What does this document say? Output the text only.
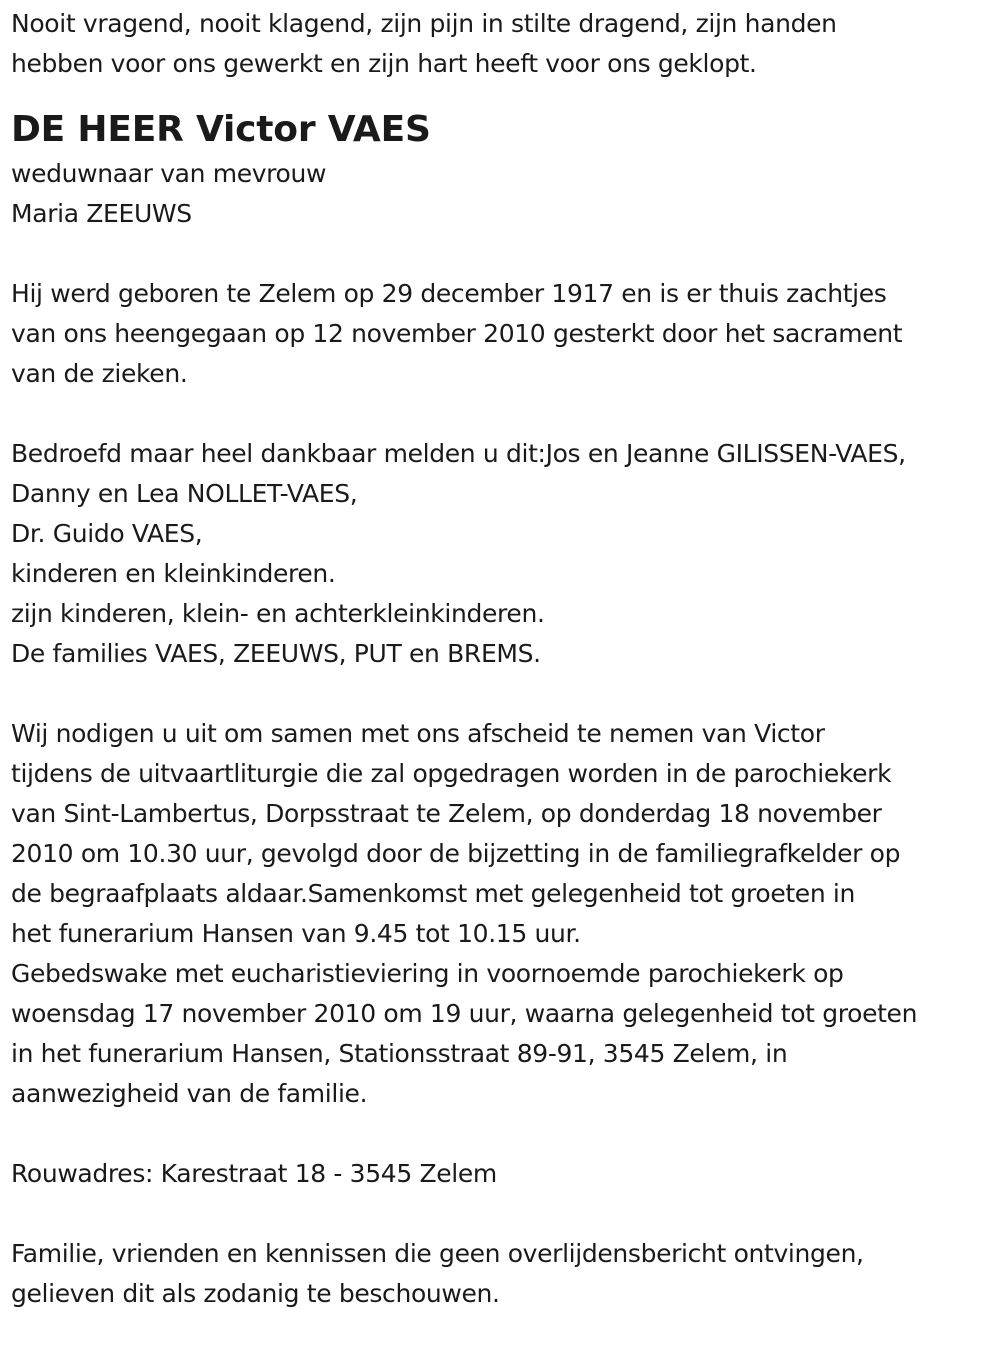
Nooit vragend, nooit klagend, zijn pijn in stilte dragend, zijn handen
hebben voor ons gewerkt en zijn hart heeft voor ons geklopt.
DE HEER Victor VAES
weduwnaar van mevrouw
Maria ZEEUWS
Hij werd geboren te Zelem op 29 december 1917 en is er thuis zachtjes
van ons heengegaan op 12 november 2010 gesterkt door het sacrament
van de zieken.
Bedroefd maar heel dankbaar melden u dit:Jos en Jeanne GILISSEN-VAES,
Danny en Lea NOLLET-VAES,
Dr. Guido VAES,
kinderen en kleinkinderen.
zijn kinderen, klein- en achterkleinkinderen.
De families VAES, ZEEUWS, PUT en BREMS.
Wij nodigen u uit om samen met ons afscheid te nemen van Victor
tijdens de uitvaartliturgie die zal opgedragen worden in de parochiekerk
van Sint-Lambertus, Dorpsstraat te Zelem, op donderdag 18 november
2010 om 10.30 uur, gevolgd door de bijzetting in de familiegrafkelder op
de begraafplaats aldaar.Samenkomst met gelegenheid tot groeten in
het funerarium Hansen van 9.45 tot 10.15 uur.
Gebedswake met eucharistieviering in voornoemde parochiekerk op
woensdag 17 november 2010 om 19 uur, waarna gelegenheid tot groeten
in het funerarium Hansen, Stationsstraat 89-91, 3545 Zelem, in
aanwezigheid van de familie.
Rouwadres: Karestraat 18 - 3545 Zelem
Familie, vrienden en kennissen die geen overlijdensbericht ontvingen,
gelieven dit als zodanig te beschouwen.
